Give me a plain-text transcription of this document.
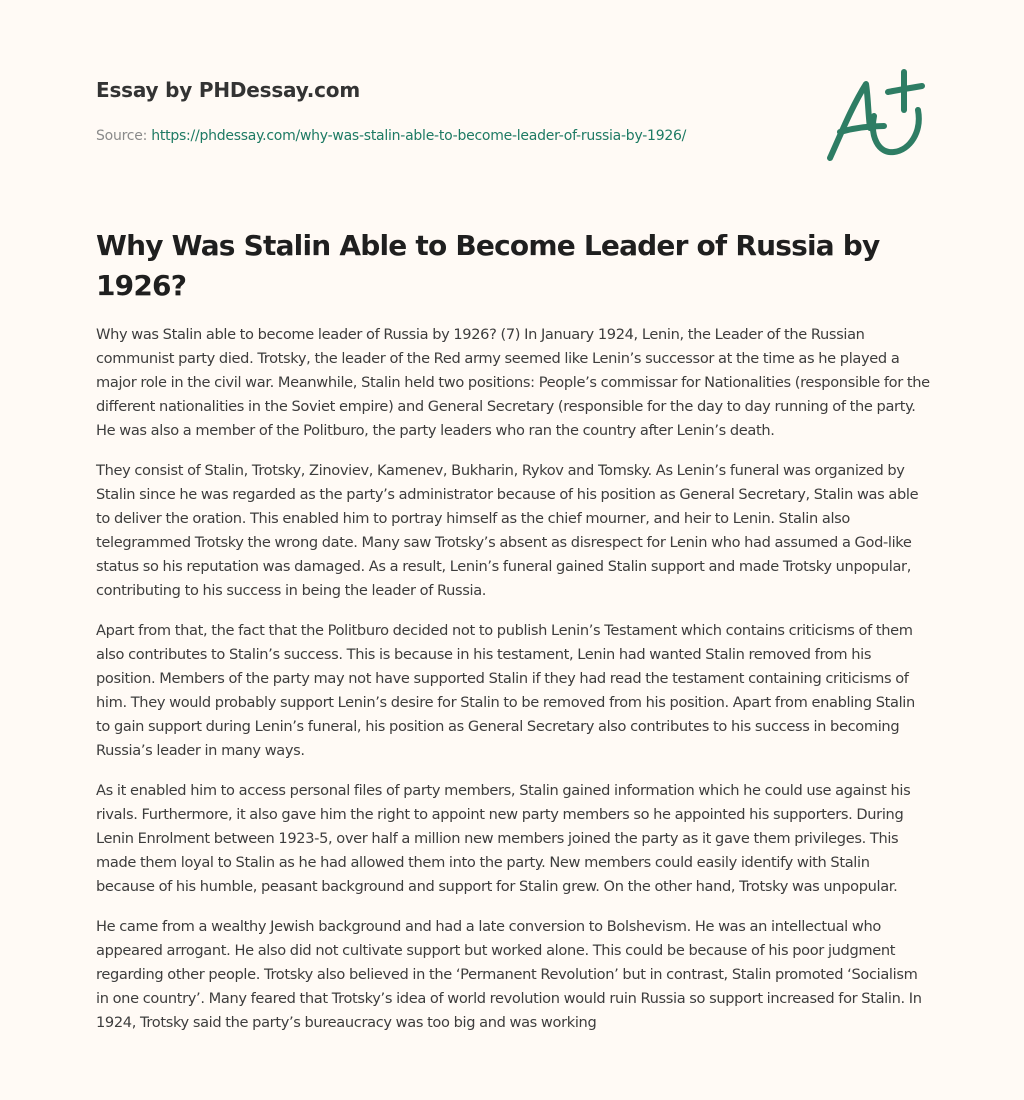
Essay by PHDessay.com
Source: https://phdessay.com/why-was-stalin-able-to-become-leader-of-russia-by-1926/
Why Was Stalin Able to Become Leader of Russia by 1926?

Why was Stalin able to become leader of Russia by 1926? (7) In January 1924, Lenin, the Leader of the Russian communist party died. Trotsky, the leader of the Red army seemed like Lenin’s successor at the time as he played a major role in the civil war. Meanwhile, Stalin held two positions: People’s commissar for Nationalities (responsible for the different nationalities in the Soviet empire) and General Secretary (responsible for the day to day running of the party. He was also a member of the Politburo, the party leaders who ran the country after Lenin’s death.

They consist of Stalin, Trotsky, Zinoviev, Kamenev, Bukharin, Rykov and Tomsky. As Lenin’s funeral was organized by Stalin since he was regarded as the party’s administrator because of his position as General Secretary, Stalin was able to deliver the oration. This enabled him to portray himself as the chief mourner, and heir to Lenin. Stalin also telegrammed Trotsky the wrong date. Many saw Trotsky’s absent as disrespect for Lenin who had assumed a God-like status so his reputation was damaged. As a result, Lenin’s funeral gained Stalin support and made Trotsky unpopular, contributing to his success in being the leader of Russia.

Apart from that, the fact that the Politburo decided not to publish Lenin’s Testament which contains criticisms of them also contributes to Stalin’s success. This is because in his testament, Lenin had wanted Stalin removed from his position. Members of the party may not have supported Stalin if they had read the testament containing criticisms of him. They would probably support Lenin’s desire for Stalin to be removed from his position. Apart from enabling Stalin to gain support during Lenin’s funeral, his position as General Secretary also contributes to his success in becoming Russia’s leader in many ways.

As it enabled him to access personal files of party members, Stalin gained information which he could use against his rivals. Furthermore, it also gave him the right to appoint new party members so he appointed his supporters. During Lenin Enrolment between 1923-5, over half a million new members joined the party as it gave them privileges. This made them loyal to Stalin as he had allowed them into the party. New members could easily identify with Stalin because of his humble, peasant background and support for Stalin grew. On the other hand, Trotsky was unpopular.

He came from a wealthy Jewish background and had a late conversion to Bolshevism. He was an intellectual who appeared arrogant. He also did not cultivate support but worked alone. This could be because of his poor judgment regarding other people. Trotsky also believed in the ‘Permanent Revolution’ but in contrast, Stalin promoted ‘Socialism in one country’. Many feared that Trotsky’s idea of world revolution would ruin Russia so support increased for Stalin. In 1924, Trotsky said the party’s bureaucracy was too big and was working
